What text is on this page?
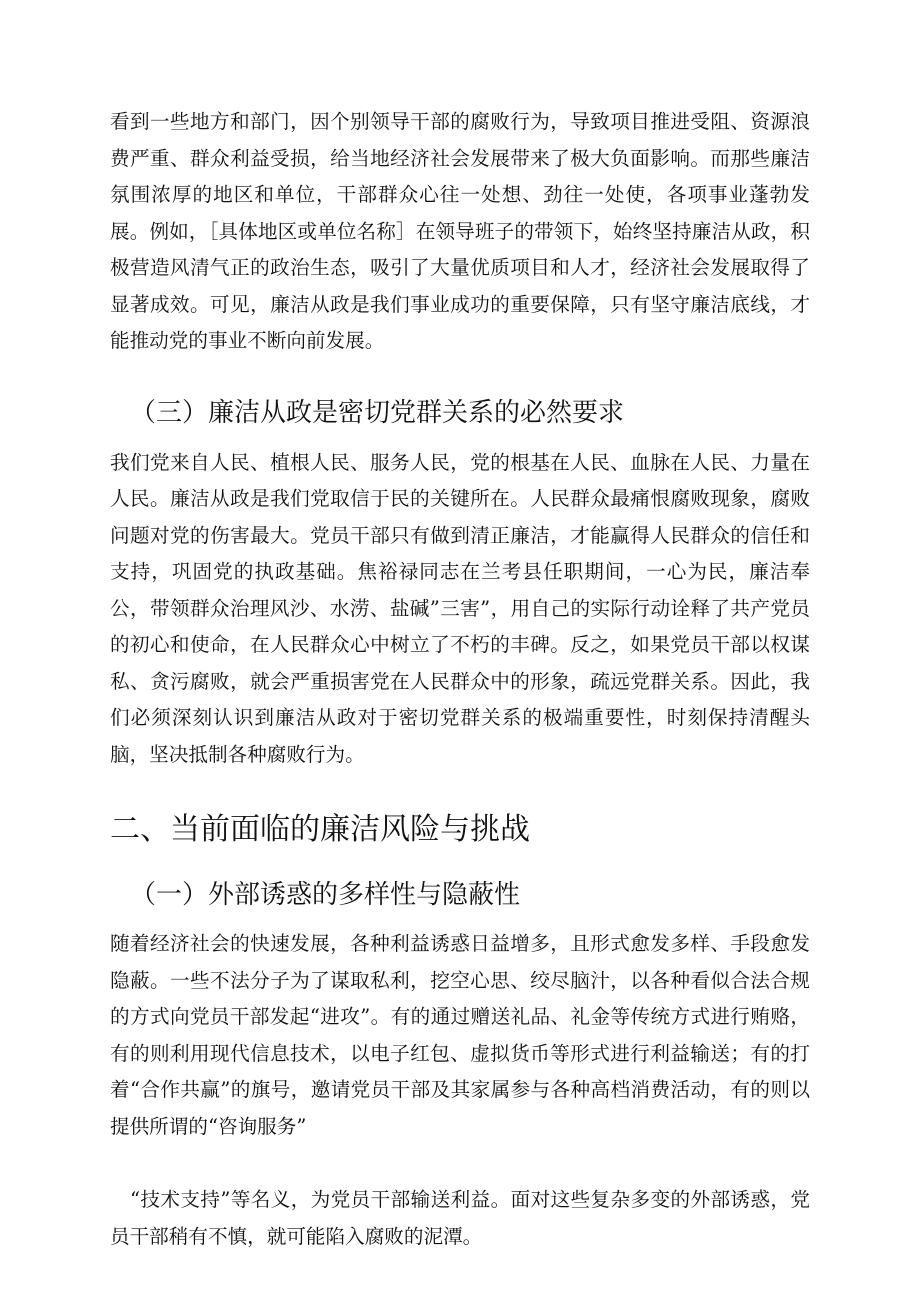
看到一些地方和部门，因个别领导干部的腐败行为，导致项目推进受阻、资源浪费严重、群众利益受损，给当地经济社会发展带来了极大负面影响。而那些廉洁氛围浓厚的地区和单位，干部群众心往一处想、劲往一处使，各项事业蓬勃发展。例如，［具体地区或单位名称］在领导班子的带领下，始终坚持廉洁从政，积极营造风清气正的政治生态，吸引了大量优质项目和人才，经济社会发展取得了显著成效。可见，廉洁从政是我们事业成功的重要保障，只有坚守廉洁底线，才能推动党的事业不断向前发展。

（三）廉洁从政是密切党群关系的必然要求

我们党来自人民、植根人民、服务人民，党的根基在人民、血脉在人民、力量在人民。廉洁从政是我们党取信于民的关键所在。人民群众最痛恨腐败现象，腐败问题对党的伤害最大。党员干部只有做到清正廉洁，才能赢得人民群众的信任和支持，巩固党的执政基础。焦裕禄同志在兰考县任职期间，一心为民，廉洁奉公，带领群众治理风沙、水涝、盐碱”三害”，用自己的实际行动诠释了共产党员的初心和使命，在人民群众心中树立了不朽的丰碑。反之，如果党员干部以权谋私、贪污腐败，就会严重损害党在人民群众中的形象，疏远党群关系。因此，我们必须深刻认识到廉洁从政对于密切党群关系的极端重要性，时刻保持清醒头脑，坚决抵制各种腐败行为。

二、当前面临的廉洁风险与挑战
（一）外部诱惑的多样性与隐蔽性

随着经济社会的快速发展，各种利益诱惑日益增多，且形式愈发多样、手段愈发隐蔽。一些不法分子为了谋取私利，挖空心思、绞尽脑汁，以各种看似合法合规的方式向党员干部发起“进攻”。有的通过赠送礼品、礼金等传统方式进行贿赂，有的则利用现代信息技术，以电子红包、虚拟货币等形式进行利益输送；有的打着“合作共赢”的旗号，邀请党员干部及其家属参与各种高档消费活动，有的则以提供所谓的“咨询服务”

“技术支持”等名义，为党员干部输送利益。面对这些复杂多变的外部诱惑，党员干部稍有不慎，就可能陷入腐败的泥潭。
